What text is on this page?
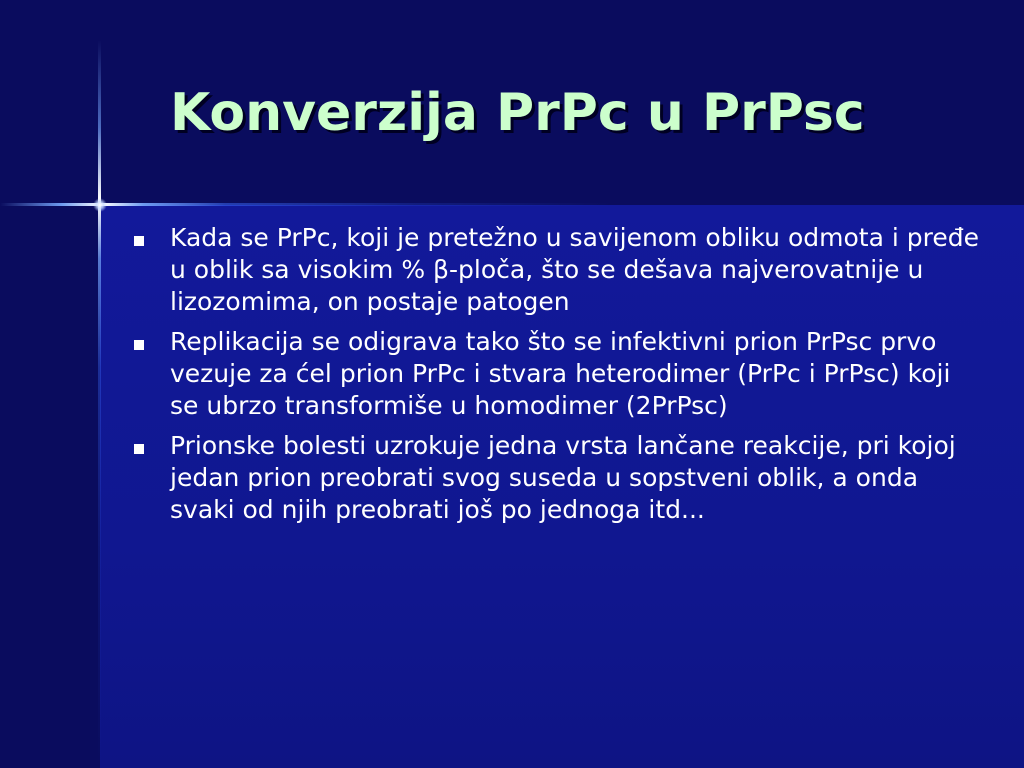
Konverzija PrPc u PrPsc
Kada se PrPc, koji je pretežno u savijenom obliku odmota i pređe u oblik sa visokim % β-ploča, što se dešava najverovatnije u lizozomima, on postaje patogen
Replikacija se odigrava tako što se infektivni prion PrPsc prvo vezuje za ćel prion PrPc i stvara heterodimer (PrPc i PrPsc) koji se ubrzo transformiše u homodimer (2PrPsc)
Prionske bolesti uzrokuje jedna vrsta lančane reakcije, pri kojoj jedan prion preobrati svog suseda u sopstveni oblik, a onda svaki od njih preobrati još po jednoga itd...
